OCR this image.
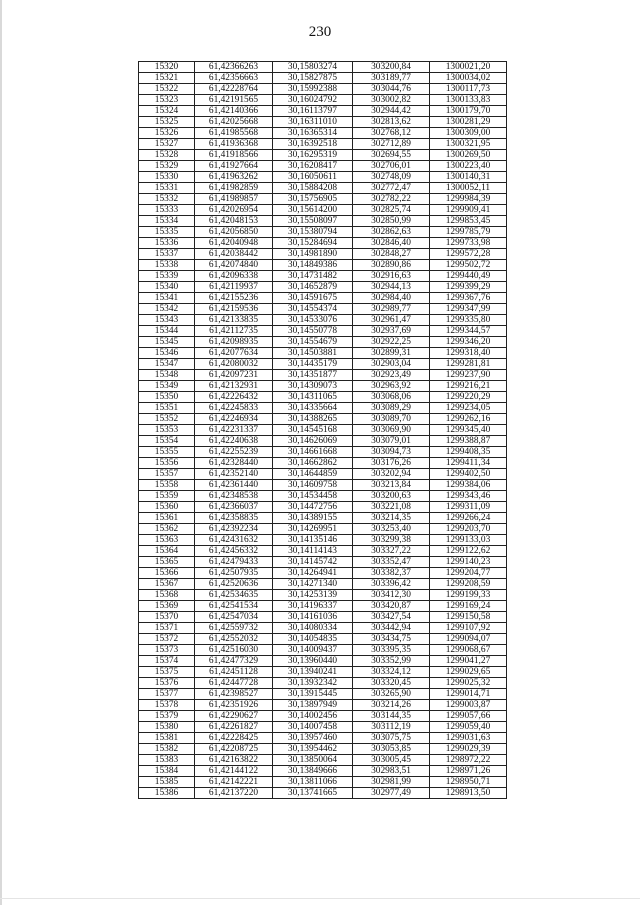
230
15320	61,42366263	30,15803274	303200,84	1300021,20
15321	61,42356663	30,15827875	303189,77	1300034,02
15322	61,42228764	30,15992388	303044,76	1300117,73
15323	61,42191565	30,16024792	303002,82	1300133,83
15324	61,42140366	30,16113797	302944,42	1300179,70
15325	61,42025668	30,16311010	302813,62	1300281,29
15326	61,41985568	30,16365314	302768,12	1300309,00
15327	61,41936368	30,16392518	302712,89	1300321,95
15328	61,41918566	30,16295319	302694,55	1300269,50
15329	61,41927664	30,16208417	302706,01	1300223,40
15330	61,41963262	30,16050611	302748,09	1300140,31
15331	61,41982859	30,15884208	302772,47	1300052,11
15332	61,41989857	30,15756905	302782,22	1299984,39
15333	61,42026954	30,15614200	302825,74	1299909,41
15334	61,42048153	30,15508097	302850,99	1299853,45
15335	61,42056850	30,15380794	302862,63	1299785,79
15336	61,42040948	30,15284694	302846,40	1299733,98
15337	61,42038442	30,14981890	302848,27	1299572,28
15338	61,42074840	30,14849386	302890,86	1299502,72
15339	61,42096338	30,14731482	302916,63	1299440,49
15340	61,42119937	30,14652879	302944,13	1299399,29
15341	61,42155236	30,14591675	302984,40	1299367,76
15342	61,42159536	30,14554374	302989,77	1299347,99
15343	61,42133835	30,14533076	302961,47	1299335,80
15344	61,42112735	30,14550778	302937,69	1299344,57
15345	61,42098935	30,14554679	302922,25	1299346,20
15346	61,42077634	30,14503881	302899,31	1299318,40
15347	61,42080032	30,14435179	302903,04	1299281,81
15348	61,42097231	30,14351877	302923,49	1299237,90
15349	61,42132931	30,14309073	302963,92	1299216,21
15350	61,42226432	30,14311065	303068,06	1299220,29
15351	61,42245833	30,14335664	303089,29	1299234,05
15352	61,42246934	30,14388265	303089,70	1299262,16
15353	61,42231337	30,14545168	303069,90	1299345,40
15354	61,42240638	30,14626069	303079,01	1299388,87
15355	61,42255239	30,14661668	303094,73	1299408,35
15356	61,42328440	30,14662862	303176,26	1299411,34
15357	61,42352140	30,14644859	303202,94	1299402,50
15358	61,42361440	30,14609758	303213,84	1299384,06
15359	61,42348538	30,14534458	303200,63	1299343,46
15360	61,42366037	30,14472756	303221,08	1299311,09
15361	61,42358835	30,14389155	303214,35	1299266,24
15362	61,42392234	30,14269951	303253,40	1299203,70
15363	61,42431632	30,14135146	303299,38	1299133,03
15364	61,42456332	30,14114143	303327,22	1299122,62
15365	61,42479433	30,14145742	303352,47	1299140,23
15366	61,42507935	30,14264941	303382,37	1299204,77
15367	61,42520636	30,14271340	303396,42	1299208,59
15368	61,42534635	30,14253139	303412,30	1299199,33
15369	61,42541534	30,14196337	303420,87	1299169,24
15370	61,42547034	30,14161036	303427,54	1299150,58
15371	61,42559732	30,14080334	303442,94	1299107,92
15372	61,42552032	30,14054835	303434,75	1299094,07
15373	61,42516030	30,14009437	303395,35	1299068,67
15374	61,42477329	30,13960440	303352,99	1299041,27
15375	61,42451128	30,13940241	303324,12	1299029,65
15376	61,42447728	30,13932342	303320,45	1299025,32
15377	61,42398527	30,13915445	303265,90	1299014,71
15378	61,42351926	30,13897949	303214,26	1299003,87
15379	61,42290627	30,14002456	303144,35	1299057,66
15380	61,42261827	30,14007458	303112,19	1299059,40
15381	61,42228425	30,13957460	303075,75	1299031,63
15382	61,42208725	30,13954462	303053,85	1299029,39
15383	61,42163822	30,13850064	303005,45	1298972,22
15384	61,42144122	30,13849666	302983,51	1298971,26
15385	61,42142221	30,13811066	302981,99	1298950,71
15386	61,42137220	30,13741665	302977,49	1298913,50
